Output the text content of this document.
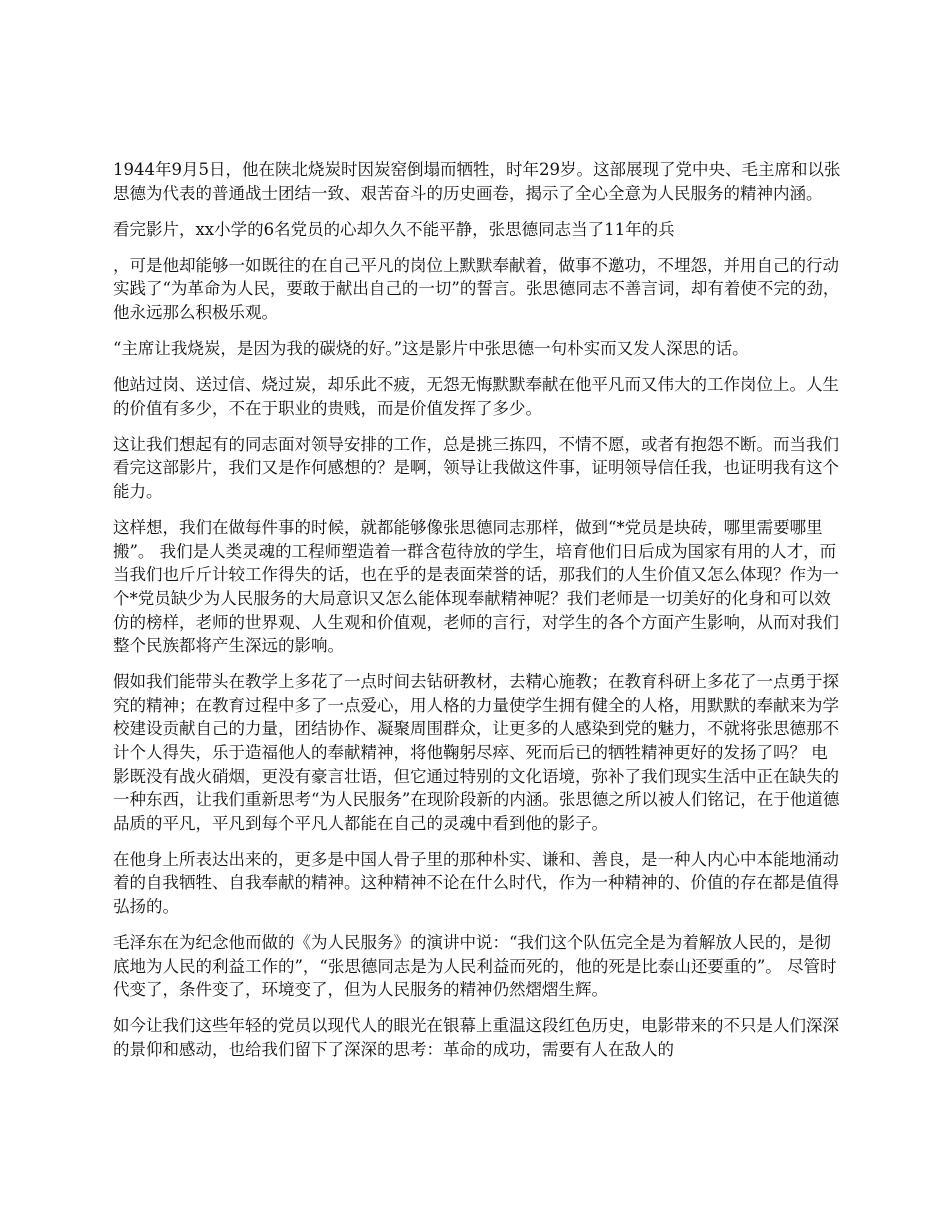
1944年9月5日，他在陕北烧炭时因炭窑倒塌而牺牲，时年29岁。这部展现了党中央、毛主席和以张思德为代表的普通战士团结一致、艰苦奋斗的历史画卷，揭示了全心全意为人民服务的精神内涵。

看完影片，xx小学的6名党员的心却久久不能平静，张思德同志当了11年的兵

，可是他却能够一如既往的在自己平凡的岗位上默默奉献着，做事不邀功，不埋怨，并用自己的行动实践了“为革命为人民，要敢于献出自己的一切”的誓言。张思德同志不善言词，却有着使不完的劲，他永远那么积极乐观。

“主席让我烧炭，是因为我的碳烧的好。”这是影片中张思德一句朴实而又发人深思的话。

他站过岗、送过信、烧过炭，却乐此不疲，无怨无悔默默奉献在他平凡而又伟大的工作岗位上。人生的价值有多少，不在于职业的贵贱，而是价值发挥了多少。

这让我们想起有的同志面对领导安排的工作，总是挑三拣四，不情不愿，或者有抱怨不断。而当我们看完这部影片，我们又是作何感想的？是啊，领导让我做这件事，证明领导信任我，也证明我有这个能力。

这样想，我们在做每件事的时候，就都能够像张思德同志那样，做到“*党员是块砖，哪里需要哪里搬”。 我们是人类灵魂的工程师塑造着一群含苞待放的学生，培育他们日后成为国家有用的人才，而当我们也斤斤计较工作得失的话，也在乎的是表面荣誉的话，那我们的人生价值又怎么体现？作为一个*党员缺少为人民服务的大局意识又怎么能体现奉献精神呢？我们老师是一切美好的化身和可以效仿的榜样，老师的世界观、人生观和价值观，老师的言行，对学生的各个方面产生影响，从而对我们整个民族都将产生深远的影响。

假如我们能带头在教学上多花了一点时间去钻研教材，去精心施教；在教育科研上多花了一点勇于探究的精神；在教育过程中多了一点爱心，用人格的力量使学生拥有健全的人格，用默默的奉献来为学校建设贡献自己的力量，团结协作、凝聚周围群众，让更多的人感染到党的魅力，不就将张思德那不计个人得失，乐于造福他人的奉献精神，将他鞠躬尽瘁、死而后已的牺牲精神更好的发扬了吗？ 电影既没有战火硝烟，更没有豪言壮语，但它通过特别的文化语境，弥补了我们现实生活中正在缺失的一种东西，让我们重新思考“为人民服务”在现阶段新的内涵。张思德之所以被人们铭记，在于他道德品质的平凡，平凡到每个平凡人都能在自己的灵魂中看到他的影子。

在他身上所表达出来的，更多是中国人骨子里的那种朴实、谦和、善良，是一种人内心中本能地涌动着的自我牺牲、自我奉献的精神。这种精神不论在什么时代，作为一种精神的、价值的存在都是值得弘扬的。

毛泽东在为纪念他而做的《为人民服务》的演讲中说：“我们这个队伍完全是为着解放人民的，是彻底地为人民的利益工作的”，“张思德同志是为人民利益而死的，他的死是比泰山还要重的”。 尽管时代变了，条件变了，环境变了，但为人民服务的精神仍然熠熠生辉。

如今让我们这些年轻的党员以现代人的眼光在银幕上重温这段红色历史，电影带来的不只是人们深深的景仰和感动，也给我们留下了深深的思考：革命的成功，需要有人在敌人的
